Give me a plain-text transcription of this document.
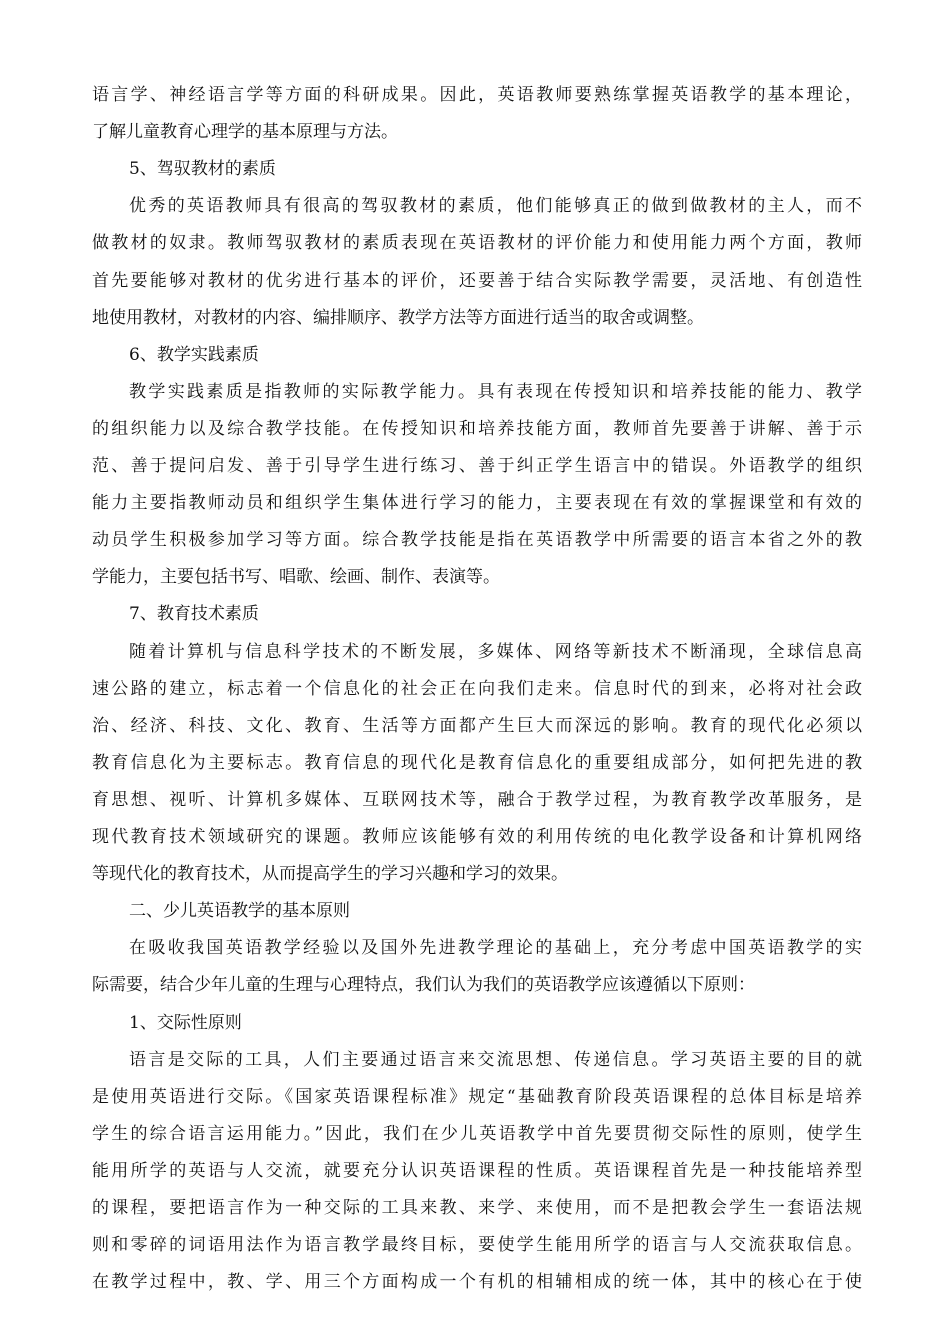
语言学、神经语言学等方面的科研成果。因此，英语教师要熟练掌握英语教学的基本理论，
了解儿童教育心理学的基本原理与方法。
5、驾驭教材的素质
优秀的英语教师具有很高的驾驭教材的素质，他们能够真正的做到做教材的主人，而不
做教材的奴隶。教师驾驭教材的素质表现在英语教材的评价能力和使用能力两个方面，教师
首先要能够对教材的优劣进行基本的评价，还要善于结合实际教学需要，灵活地、有创造性
地使用教材，对教材的内容、编排顺序、教学方法等方面进行适当的取舍或调整。
6、教学实践素质
教学实践素质是指教师的实际教学能力。具有表现在传授知识和培养技能的能力、教学
的组织能力以及综合教学技能。在传授知识和培养技能方面，教师首先要善于讲解、善于示
范、善于提问启发、善于引导学生进行练习、善于纠正学生语言中的错误。外语教学的组织
能力主要指教师动员和组织学生集体进行学习的能力，主要表现在有效的掌握课堂和有效的
动员学生积极参加学习等方面。综合教学技能是指在英语教学中所需要的语言本省之外的教
学能力，主要包括书写、唱歌、绘画、制作、表演等。
7、教育技术素质
随着计算机与信息科学技术的不断发展，多媒体、网络等新技术不断涌现，全球信息高
速公路的建立，标志着一个信息化的社会正在向我们走来。信息时代的到来，必将对社会政
治、经济、科技、文化、教育、生活等方面都产生巨大而深远的影响。教育的现代化必须以
教育信息化为主要标志。教育信息的现代化是教育信息化的重要组成部分，如何把先进的教
育思想、视听、计算机多媒体、互联网技术等，融合于教学过程，为教育教学改革服务，是
现代教育技术领域研究的课题。教师应该能够有效的利用传统的电化教学设备和计算机网络
等现代化的教育技术，从而提高学生的学习兴趣和学习的效果。
二、少儿英语教学的基本原则
在吸收我国英语教学经验以及国外先进教学理论的基础上，充分考虑中国英语教学的实
际需要，结合少年儿童的生理与心理特点，我们认为我们的英语教学应该遵循以下原则：
1、交际性原则
语言是交际的工具，人们主要通过语言来交流思想、传递信息。学习英语主要的目的就
是使用英语进行交际。《国家英语课程标准》规定“基础教育阶段英语课程的总体目标是培养
学生的综合语言运用能力。”因此，我们在少儿英语教学中首先要贯彻交际性的原则，使学生
能用所学的英语与人交流，就要充分认识英语课程的性质。英语课程首先是一种技能培养型
的课程，要把语言作为一种交际的工具来教、来学、来使用，而不是把教会学生一套语法规
则和零碎的词语用法作为语言教学最终目标，要使学生能用所学的语言与人交流获取信息。
在教学过程中，教、学、用三个方面构成一个有机的相辅相成的统一体，其中的核心在于使
